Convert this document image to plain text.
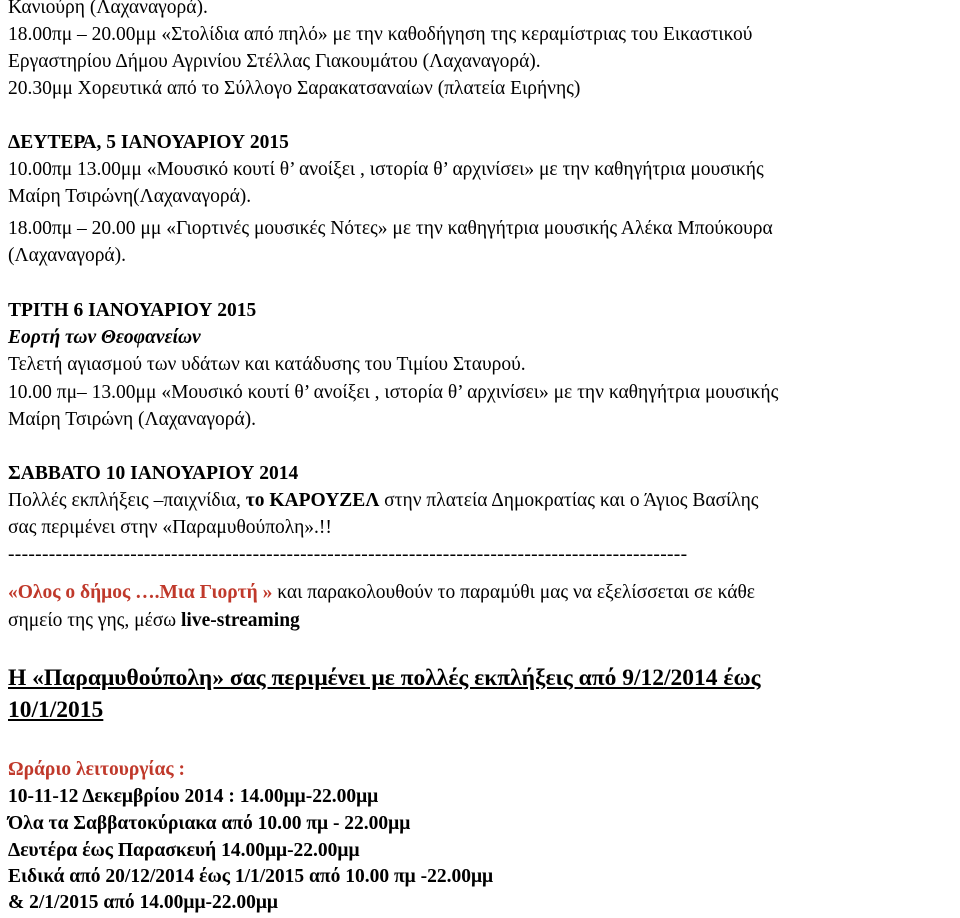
Κανιούρη (Λαχαναγορά).

18.00πμ – 20.00μμ «Στολίδια από πηλό» με την καθοδήγηση της κεραμίστριας του Εικαστικού

Εργαστηρίου Δήμου Αγρινίου Στέλλας Γιακουμάτου (Λαχαναγορά).

20.30μμ Χορευτικά από το Σύλλογο Σαρακατσαναίων (πλατεία Ειρήνης)

ΔΕΥΤΕΡΑ, 5 ΙΑΝΟΥΑΡΙΟΥ 2015

10.00πμ 13.00μμ «Μουσικό κουτί θ’ ανοίξει , ιστορία θ’ αρχινίσει» με την καθηγήτρια μουσικής

Μαίρη Τσιρώνη(Λαχαναγορά).

18.00πμ – 20.00 μμ «Γιορτινές μουσικές Νότες» με την καθηγήτρια μουσικής Αλέκα Μπούκουρα

(Λαχαναγορά).

ΤΡΙΤΗ 6 ΙΑΝΟΥΑΡΙΟΥ 2015

Εορτή των Θεοφανείων

Τελετή αγιασμού των υδάτων και κατάδυσης του Τιμίου Σταυρού.

10.00 πμ– 13.00μμ «Μουσικό κουτί θ’ ανοίξει , ιστορία θ’ αρχινίσει» με την καθηγήτρια μουσικής

Μαίρη Τσιρώνη (Λαχαναγορά).

ΣΑΒΒΑΤΟ 10 ΙΑΝΟΥΑΡΙΟΥ 2014

Πολλές εκπλήξεις –παιχνίδια, το ΚΑΡΟΥΖΕΛ στην πλατεία Δημοκρατίας και ο Άγιος Βασίλης

σας περιμένει στην «Παραμυθούπολη».!!

----------------------------------------------------------------------------------------------------

«Ολος ο δήμος ….Μια Γιορτή » και παρακολουθούν το παραμύθι μας να εξελίσσεται σε κάθε

σημείο της γης, μέσω live-streaming

Η «Παραμυθούπολη» σας περιμένει με πολλές εκπλήξεις από 9/12/2014 έως

10/1/2015

Ωράριο λειτουργίας :

10-11-12 Δεκεμβρίου 2014 : 14.00μμ-22.00μμ

Όλα τα Σαββατοκύριακα από 10.00 πμ - 22.00μμ

Δευτέρα έως Παρασκευή 14.00μμ-22.00μμ

Ειδικά από 20/12/2014 έως 1/1/2015 από 10.00 πμ -22.00μμ

& 2/1/2015 από 14.00μμ-22.00μμ
